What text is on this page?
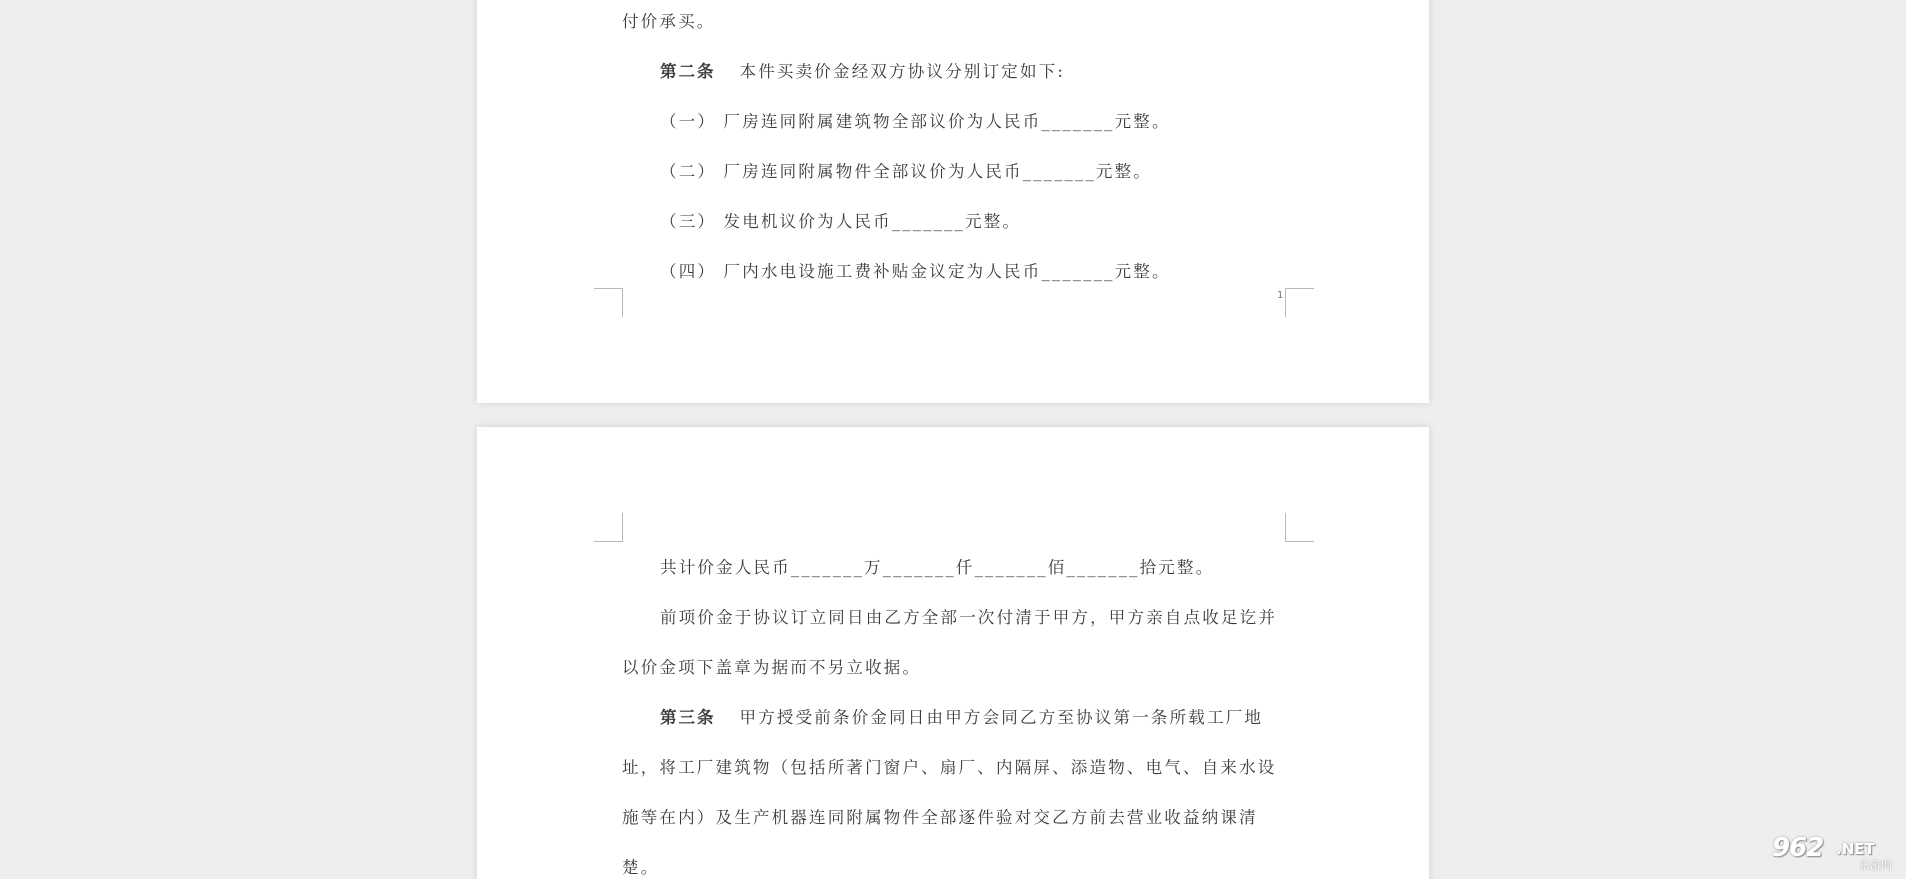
付价承买。
第二条 本件买卖价金经双方协议分别订定如下:
（一） 厂房连同附属建筑物全部议价为人民币_______元整。
（二） 厂房连同附属物件全部议价为人民币_______元整。
（三） 发电机议价为人民币_______元整。
（四） 厂内水电设施工费补贴金议定为人民币_______元整。
1
共计价金人民币_______万_______仟_______佰_______拾元整。
前项价金于协议订立同日由乙方全部一次付清于甲方，甲方亲自点收足讫并
以价金项下盖章为据而不另立收据。
第三条 甲方授受前条价金同日由甲方会同乙方至协议第一条所载工厂地
址，将工厂建筑物（包括所著门窗户、扇厂、内隔屏、添造物、电气、自来水设
施等在内）及生产机器连同附属物件全部逐件验对交乙方前去营业收益纳课清
楚。
962 .NET
乐游网
